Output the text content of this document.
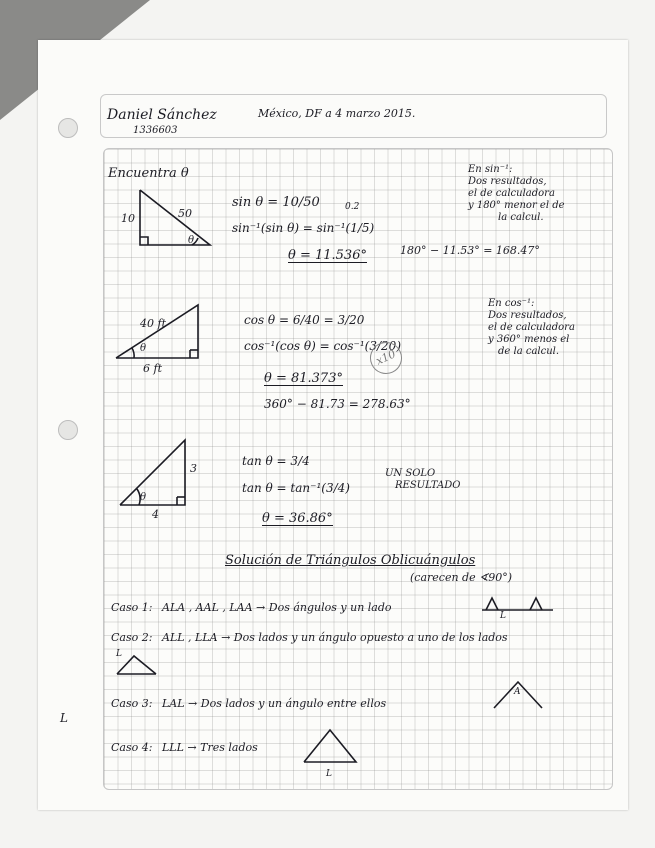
L
Daniel Sánchez
1336603
México, DF a 4 marzo 2015.
Encuentra θ
10	50
θ
sin θ = 10/50	0.2
sin⁻¹(sin θ) = sin⁻¹(1/5)
θ = 11.536°	180° − 11.53° = 168.47°
En sin⁻¹:
Dos resultados,
el de calculadora
y 180° menor el de
la calcul.
40 ft
6 ft
θ
cos θ = 6/40 = 3/20
cos⁻¹(cos θ) = cos⁻¹(3/20)
θ = 81.373°
360° − 81.73 = 278.63°
x10
En cos⁻¹:
Dos resultados,
el de calculadora
y 360° menos el
de la calcul.
3
4
θ
tan θ = 3/4
tan θ = tan⁻¹(3/4)
θ = 36.86°
UN SOLO
RESULTADO
Solución de Triángulos Oblicuángulos
(carecen de ∢90°)
Caso 1: ALA , AAL , LAA → Dos ángulos y un lado
L
Caso 2: ALL , LLA → Dos lados y un ángulo opuesto a uno de los lados
L
Caso 3: LAL → Dos lados y un ángulo entre ellos
A
Caso 4: LLL → Tres lados
L
